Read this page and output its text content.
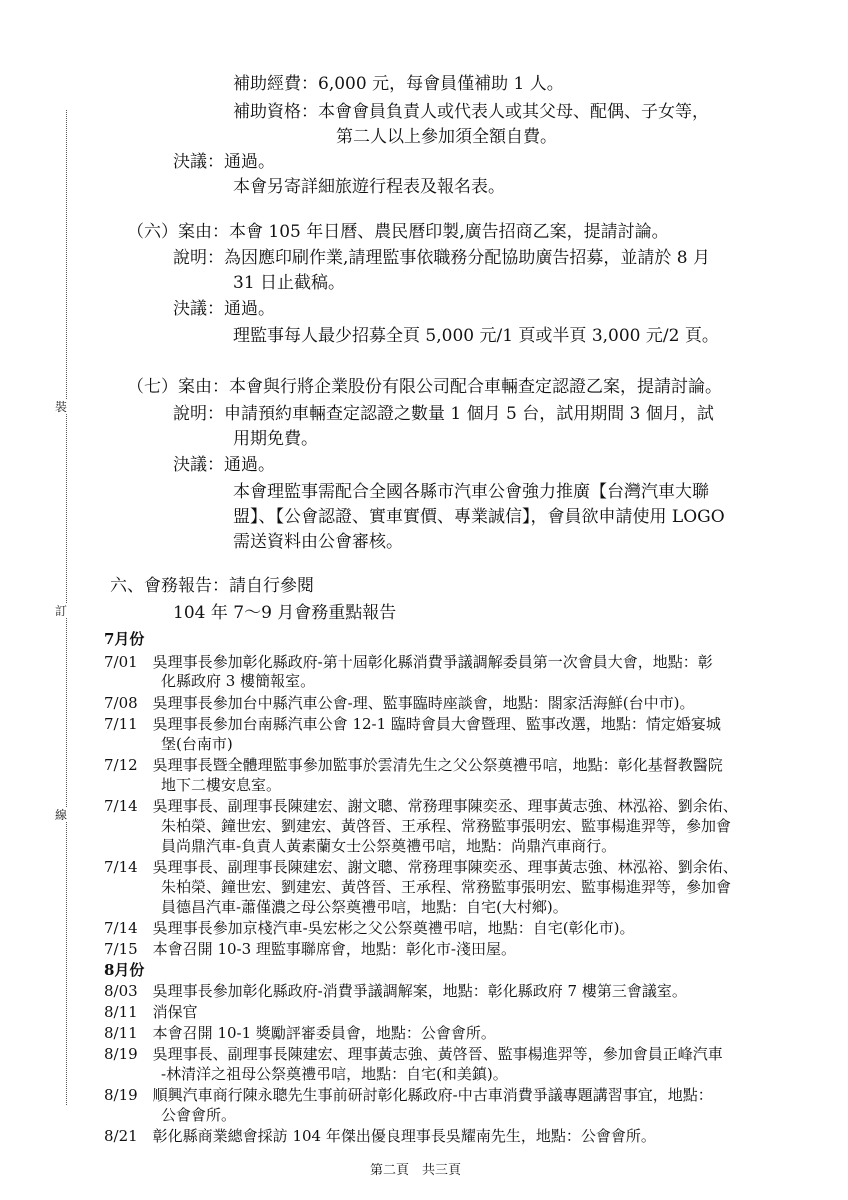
裝
訂
線
補助經費：6,000 元，每會員僅補助 1 人。
補助資格：本會會員負責人或代表人或其父母、配偶、子女等，
第二人以上參加須全額自費。
決議：通過。
本會另寄詳細旅遊行程表及報名表。
（六）案由：本會 105 年日曆、農民曆印製,廣告招商乙案，提請討論。
說明：為因應印刷作業,請理監事依職務分配協助廣告招募，並請於 8 月
31 日止截稿。
決議：通過。
理監事每人最少招募全頁 5,000 元/1 頁或半頁 3,000 元/2 頁。
（七）案由：本會與行將企業股份有限公司配合車輛查定認證乙案，提請討論。
說明：申請預約車輛查定認證之數量 1 個月 5 台，試用期間 3 個月，試
用期免費。
決議：通過。
本會理監事需配合全國各縣市汽車公會強力推廣【台灣汽車大聯
盟】、【公會認證、實車實價、專業誠信】，會員欲申請使用 LOGO
需送資料由公會審核。
六、會務報告：請自行參閱
104 年 7～9 月會務重點報告
7月份
7/01　吳理事長參加彰化縣政府-第十屆彰化縣消費爭議調解委員第一次會員大會，地點：彰
化縣政府 3 樓簡報室。
7/08　吳理事長參加台中縣汽車公會-理、監事臨時座談會，地點：閤家活海鮮(台中市)。
7/11　吳理事長參加台南縣汽車公會 12-1 臨時會員大會暨理、監事改選，地點：情定婚宴城
堡(台南市)
7/12　吳理事長暨全體理監事參加監事於雲清先生之父公祭奠禮弔唁，地點：彰化基督教醫院
地下二樓安息室。
7/14　吳理事長、副理事長陳建宏、謝文聰、常務理事陳奕丞、理事黃志強、林泓裕、劉余佑、
朱柏榮、鐘世宏、劉建宏、黃啓晉、王承程、常務監事張明宏、監事楊進羿等，參加會
員尚鼎汽車-負責人黃素蘭女士公祭奠禮弔唁，地點：尚鼎汽車商行。
7/14　吳理事長、副理事長陳建宏、謝文聰、常務理事陳奕丞、理事黃志強、林泓裕、劉余佑、
朱柏榮、鐘世宏、劉建宏、黃啓晉、王承程、常務監事張明宏、監事楊進羿等，參加會
員德昌汽車-蕭僅濃之母公祭奠禮弔唁，地點：自宅(大村鄉)。
7/14　吳理事長參加京棧汽車-吳宏彬之父公祭奠禮弔唁，地點：自宅(彰化市)。
7/15　本會召開 10-3 理監事聯席會，地點：彰化市-淺田屋。
8月份
8/03　吳理事長參加彰化縣政府-消費爭議調解案，地點：彰化縣政府 7 樓第三會議室。
8/11　消保官
8/11　本會召開 10-1 獎勵評審委員會，地點：公會會所。
8/19　吳理事長、副理事長陳建宏、理事黃志強、黃啓晉、監事楊進羿等，參加會員正峰汽車
-林清洋之祖母公祭奠禮弔唁，地點：自宅(和美鎮)。
8/19　順興汽車商行陳永聰先生事前研討彰化縣政府-中古車消費爭議專題講習事宜，地點：
公會會所。
8/21　彰化縣商業總會採訪 104 年傑出優良理事長吳耀南先生，地點：公會會所。
第二頁　共三頁
